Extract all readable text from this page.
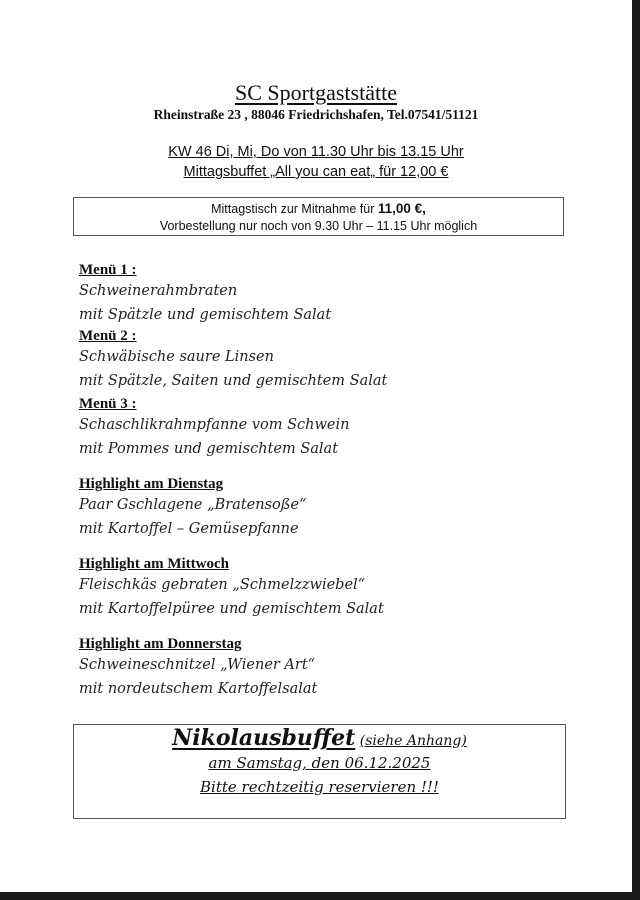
SC Sportgaststätte
Rheinstraße 23 , 88046 Friedrichshafen, Tel.07541/51121
KW 46 Di, Mi, Do von 11.30 Uhr bis 13.15 Uhr
Mittagsbuffet „All you can eat„ für 12,00 €
Mittagstisch zur Mitnahme für 11,00 €,
Vorbestellung nur noch von 9.30 Uhr – 11.15 Uhr möglich
Menü 1 :
Schweinerahmbraten
mit Spätzle und gemischtem Salat
Menü 2 :
Schwäbische saure Linsen
mit Spätzle, Saiten und gemischtem Salat
Menü 3 :
Schaschlikrahmpfanne vom Schwein
mit Pommes und gemischtem Salat
Highlight am Dienstag
Paar Gschlagene „Bratensoße“
mit Kartoffel – Gemüsepfanne
Highlight am Mittwoch
Fleischkäs gebraten „Schmelzzwiebel“
mit Kartoffelpüree und gemischtem Salat
Highlight am Donnerstag
Schweineschnitzel „Wiener Art“
mit nordeutschem Kartoffelsalat
Nikolausbuffet (siehe Anhang)
am Samstag, den 06.12.2025
Bitte rechtzeitig reservieren !!!
